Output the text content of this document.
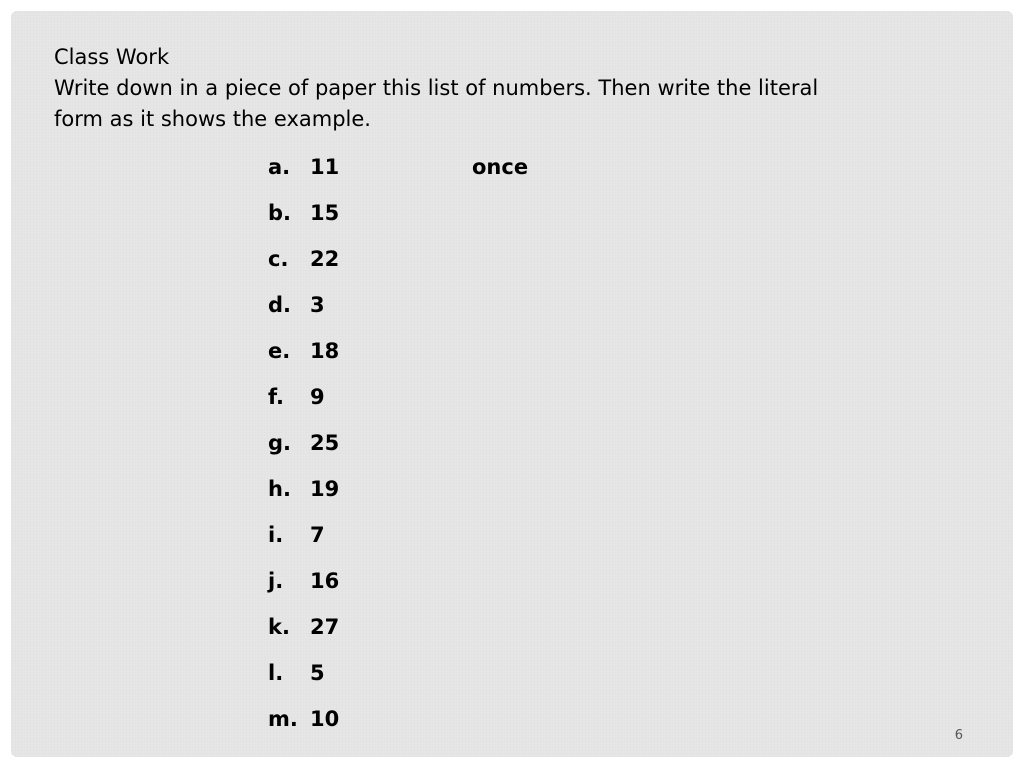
Class Work
Write down in a piece of paper this list of numbers. Then write the literal
form as it shows the example.
a. 11
b. 15
c. 22
d. 3
e. 18
f. 9
g. 25
h. 19
i. 7
j. 16
k. 27
l. 5
m. 10
once
6
